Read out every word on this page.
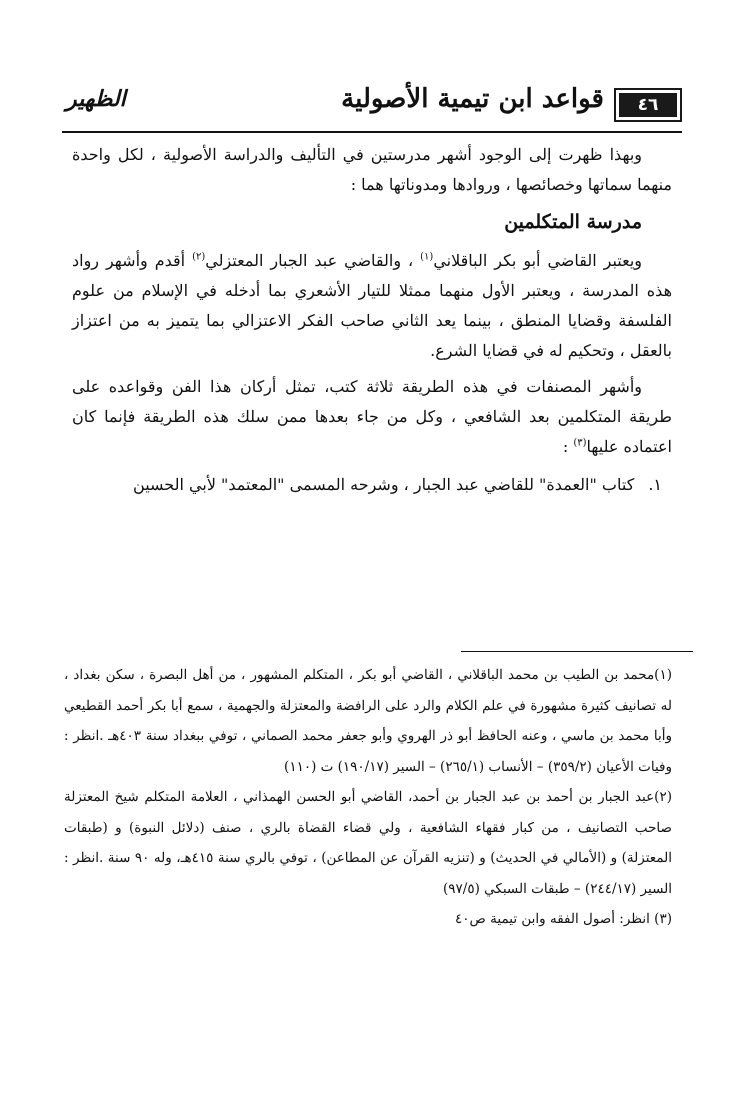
٤٦
قواعد ابن تيمية الأصولية
الظهير

وبهذا ظهرت إلى الوجود أشهر مدرستين في التأليف والدراسة الأصولية ، لكل واحدة منهما سماتها وخصائصها ، وروادها ومدوناتها هما :

مدرسة المتكلمين

ويعتبر القاضي أبو بكر الباقلاني$^{(١)}$ ، والقاضي عبد الجبار المعتزلي$^{(٢)}$ أقدم وأشهر رواد هذه المدرسة ، ويعتبر الأول منهما ممثلا للتيار الأشعري بما أدخله في الإسلام من علوم الفلسفة وقضايا المنطق ، بينما يعد الثاني صاحب الفكر الاعتزالي بما يتميز به من اعتزاز بالعقل ، وتحكيم له في قضايا الشرع.

وأشهر المصنفات في هذه الطريقة ثلاثة كتب، تمثل أركان هذا الفن وقواعده على طريقة المتكلمين بعد الشافعي ، وكل من جاء بعدها ممن سلك هذه الطريقة فإنما كان اعتماده عليها$^{(٣)}$ :

١.كتاب "العمدة" للقاضي عبد الجبار ، وشرحه المسمى "المعتمد" لأبي الحسين

(١)محمد بن الطيب بن محمد الباقلاني ، القاضي أبو بكر ، المتكلم المشهور ، من أهل البصرة ، سكن بغداد ، له تصانيف كثيرة مشهورة في علم الكلام والرد على الرافضة والمعتزلة والجهمية ، سمع أبا بكر أحمد القطيعي وأبا محمد بن ماسي ، وعنه الحافظ أبو ذر الهروي وأبو جعفر محمد الصماني ، توفي ببغداد سنة ٤٠٣هـ .انظر : وفيات الأعيان (٣٥٩/٢) – الأنساب (٢٦٥/١) – السير (١٩٠/١٧) ت (١١٠)

(٢)عبد الجبار بن أحمد بن عبد الجبار بن أحمد، القاضي أبو الحسن الهمذاني ، العلامة المتكلم شيخ المعتزلة صاحب التصانيف ، من كبار فقهاء الشافعية ، ولي قضاء القضاة بالري ، صنف (دلائل النبوة) و (طبقات المعتزلة) و (الأمالي في الحديث) و (تنزيه القرآن عن المطاعن) ، توفي بالري سنة ٤١٥هـ، وله ٩٠ سنة .انظر : السير (٢٤٤/١٧) – طبقات السبكي (٩٧/٥)

(٣) انظر: أصول الفقه وابن تيمية ص٤٠
